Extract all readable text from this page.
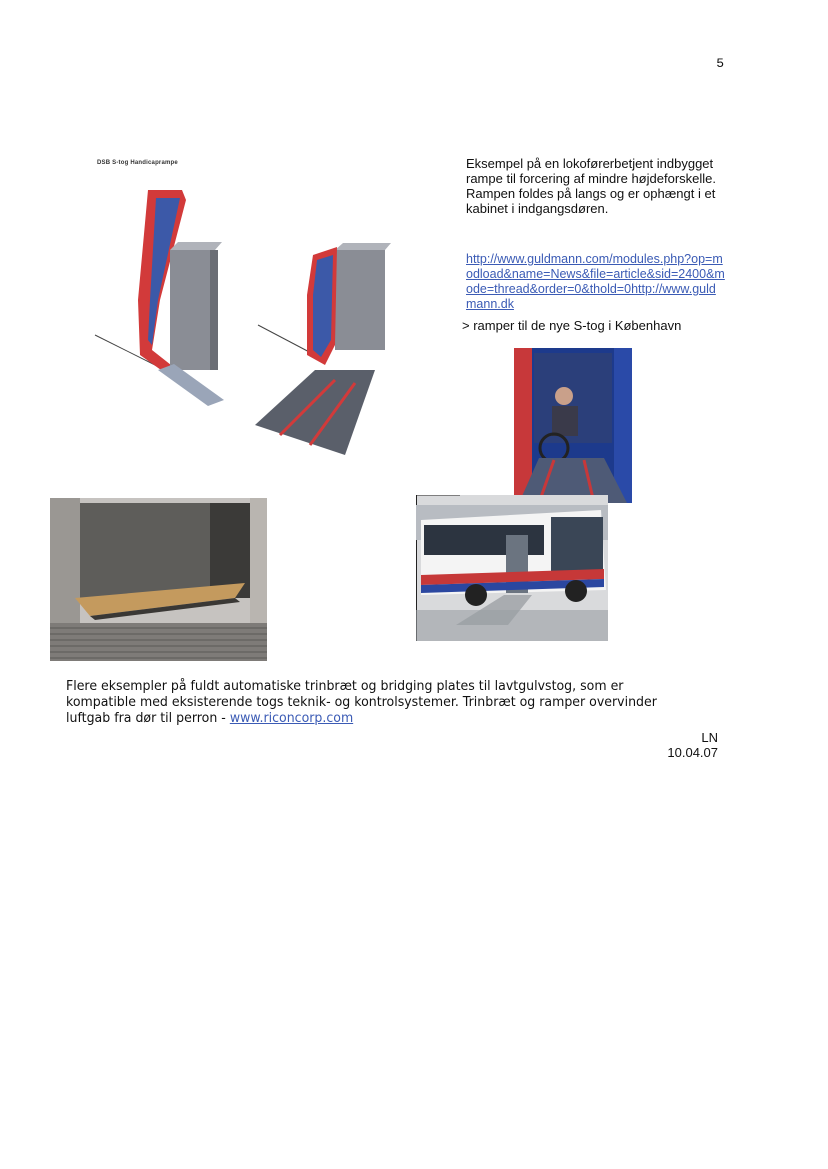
5
DSB S-tog Handicaprampe	Eksempel på en lokoførerbetjent indbygget rampe til forcering af mindre højdeforskelle. Rampen foldes på langs og er ophængt i et kabinet i indgangsdøren.
http://www.guldmann.com/modules.php?op=modload&name=News&file=article&sid=2400&mode=thread&order=0&thold=0http://www.guldmann.dk
> ramper til de nye S-tog i København
Flere eksempler på fuldt automatiske trinbræt og bridging plates til lavtgulvstog, som er kompatible med eksisterende togs teknik- og kontrolsystemer. Trinbræt og ramper overvinder luftgab fra dør til perron - www.riconcorp.com
LN
10.04.07
